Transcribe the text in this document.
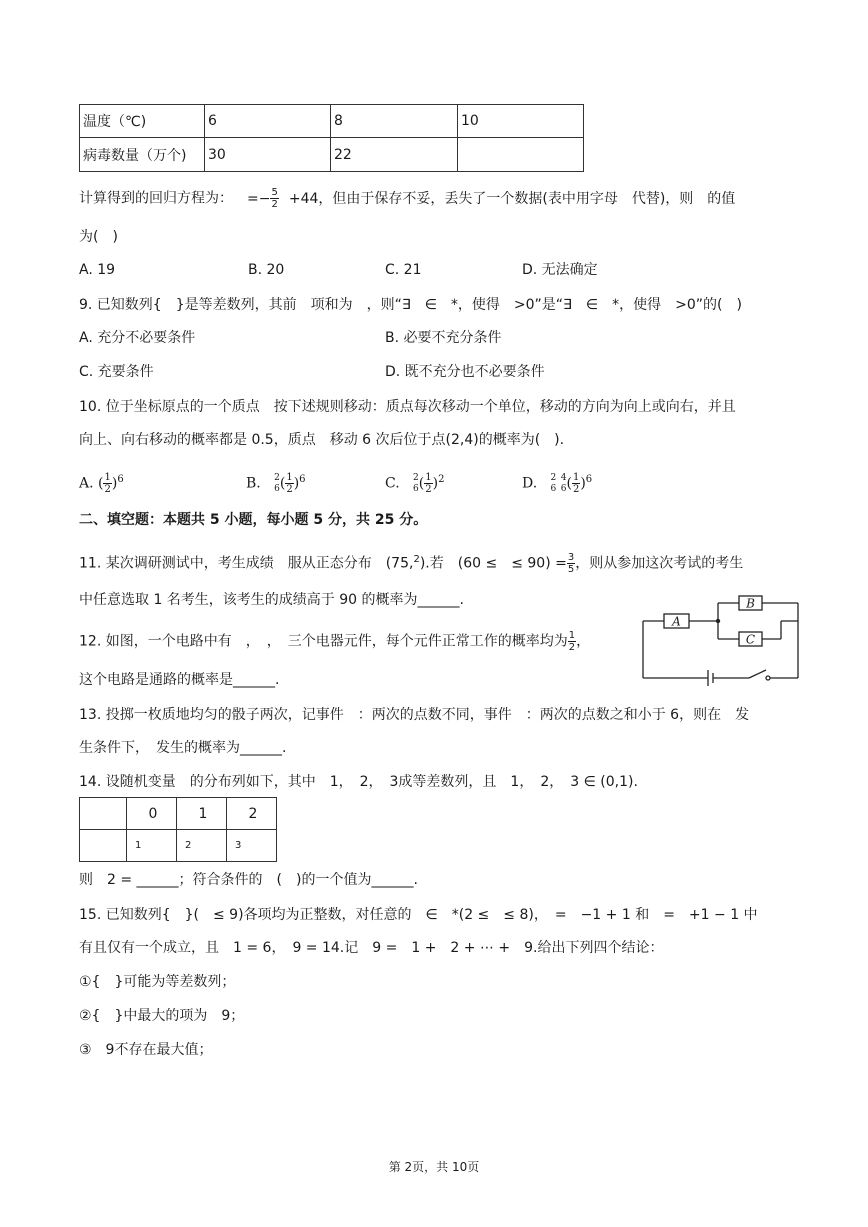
温度（℃)	6	8	10
病毒数量（万个)	30	22	
计算得到的回归方程为： =− $\frac{5}{2} +44$，但由于保存不妥，丢失了一个数据(表中用字母　代替)，则　的值
为(　)
A. 19	B. 20	C. 21	D. 无法确定
9. 已知数列{　}是等差数列，其前　项和为　，则“∃　∈　*，使得　>0”是“∃　∈　*，使得　>0”的(　)
A. 充分不必要条件	B. 必要不充分条件
C. 充要条件	D. 既不充分也不必要条件
10. 位于坐标原点的一个质点　按下述规则移动：质点每次移动一个单位，移动的方向为向上或向右，并且
向上、向右移动的概率都是 0.5，质点　移动 6 次后位于点(2,4)的概率为(　).
A. ( $\frac{1}{2} )^6$	B. 2
6 ( $\frac{1}{2} )^6$	C. 2
6 ( $\frac{1}{2} )^2$	D. 2
6

4
6 ( $\frac{1}{2} )^6$
二、填空题：本题共 5 小题，每小题 5 分，共 25 分。
11. 某次调研测试中，考生成绩　服从正态分布　(75,$^2$).若　(60 ≤　≤ $90) = \frac{3}{5}$ ，则从参加这次考试的考生
中任意选取 1 名考生，该考生的成绩高于 90 的概率为______.
12. 如图，一个电路中有　，　，　三个电器元件，每个元件正常工作的概率均为 $\frac{1}{2}$ ，
这个电路是通路的概率是______.
A
B
C
13. 投掷一枚质地均匀的骰子两次，记事件　：两次的点数不同，事件　：两次的点数之和小于 6，则在　发
生条件下，　发生的概率为______.
14. 设随机变量　的分布列如下，其中　1，　2，　3成等差数列，且　1，　2，　3 ∈ (0,1).
	0	1	2
	1	2	3
则　2 = ______；符合条件的　(　)的一个值为______.
15. 已知数列{　}(　≤ 9)各项均为正整数，对任意的　∈　*(2 ≤　≤ 8)，　=　−1 + 1 和　=　+1 − 1 中
有且仅有一个成立，且　1 = 6，　9 = 14.记　9 =　1 +　2 + ⋯ +　9.给出下列四个结论：
①{　}可能为等差数列；
②{　}中最大的项为　9；
③　9不存在最大值；
第 2页，共 10页
